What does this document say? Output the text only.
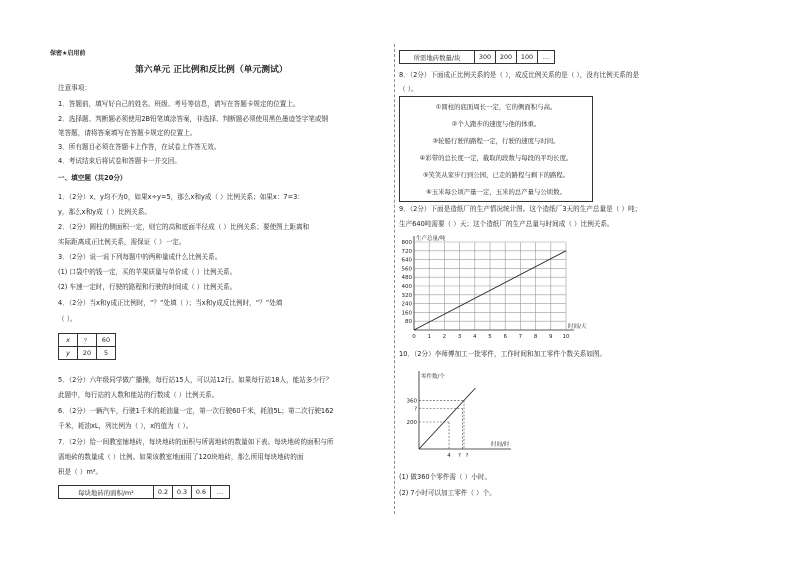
保密★启用前
第六单元 正比例和反比例（单元测试）
注意事项：
1．答题前，填写好自己的姓名、班级、考号等信息，请写在答题卡规定的位置上。
2．选择题、判断题必须使用2B铅笔填涂答案，非选择、判断题必须使用黑色墨迹签字笔或钢
笔答题，请将答案填写在答题卡规定的位置上。
3．所有题目必须在答题卡上作答，在试卷上作答无效。
4．考试结束后将试卷和答题卡一并交回。
一、填空题（共20分）
1．（2分）x、y均不为0，如果x÷y=5，那么x和y成（ ）比例关系；如果x：7=3：
y，那么x和y成（ ）比例关系。
2．（2分）圆柱的侧面积一定，则它的高和底面半径成（ ）比例关系；要使图上距离和
实际距离成正比例关系，需保证（ ）一定。
3．（2分）说一说下列每题中的两种量成什么比例关系。
(1) 口袋中的钱一定，买的苹果质量与单价成（ ）比例关系。
(2) 车速一定时，行驶的路程和行驶的时间成（ ）比例关系。
4．（2分）当x和y成正比例时，“？”处填（ ）；当x和y成反比例时，“？”处填
（ ）。
x	？	60
y	20	5
5．（2分）六年级同学做广播操，每行站15人，可以站12行。如果每行站18人，能站多少行？
此题中，每行站的人数和能站的行数成（ ）比例关系。
6．（2分）一辆汽车，行驶1千米的耗油量一定，第一次行驶60千米，耗油5L；第二次行驶162
千米，耗油xL，列比例为（ ），x的值为（ ）。
7．（2分）给一间教室铺地砖，每块地砖的面积与所需地砖的数量如下表。每块地砖的面积与所
需地砖的数量成（ ）比例。如果该教室地面用了120块地砖，那么所用每块地砖的面
积是（ ）m²。
每块地砖的面积/m²	0.2	0.3	0.6	…
所需地砖数量/块	300	200	100	…
8．（2分）下面成正比例关系的是（ ），成反比例关系的是（ ），没有比例关系的是
（ ）。
①圆柱的底面周长一定，它的侧面积与高。
②个人跑步的速度与他的体重。
③轮船行驶的路程一定，行驶的速度与时间。
④彩带的总长度一定，截取的段数与每段的平均长度。
⑤笑笑从家步行到公园，已走的路程与剩下的路程。
⑥玉米每公顷产量一定，玉米的总产量与公顷数。
9．（2分）下面是造纸厂的生产情况统计图。这个造纸厂3天的生产总量是（ ）吨；
生产640吨需要（ ）天；这个造纸厂的生产总量与时间成（ ）比例关系。
80
160
240
320
400
480
560
640
720
800
0 1 2 3 4 5 6 7 8 9 10
时间/天
生产总量/吨
10．（2分）李师傅加工一批零件，工作时间和加工零件个数关系如图。
零件数/个
时间/时
200
4
?
?
360
?
(1) 做360个零件需（ ）小时。
(2) 7小时可以加工零件（ ）个。
